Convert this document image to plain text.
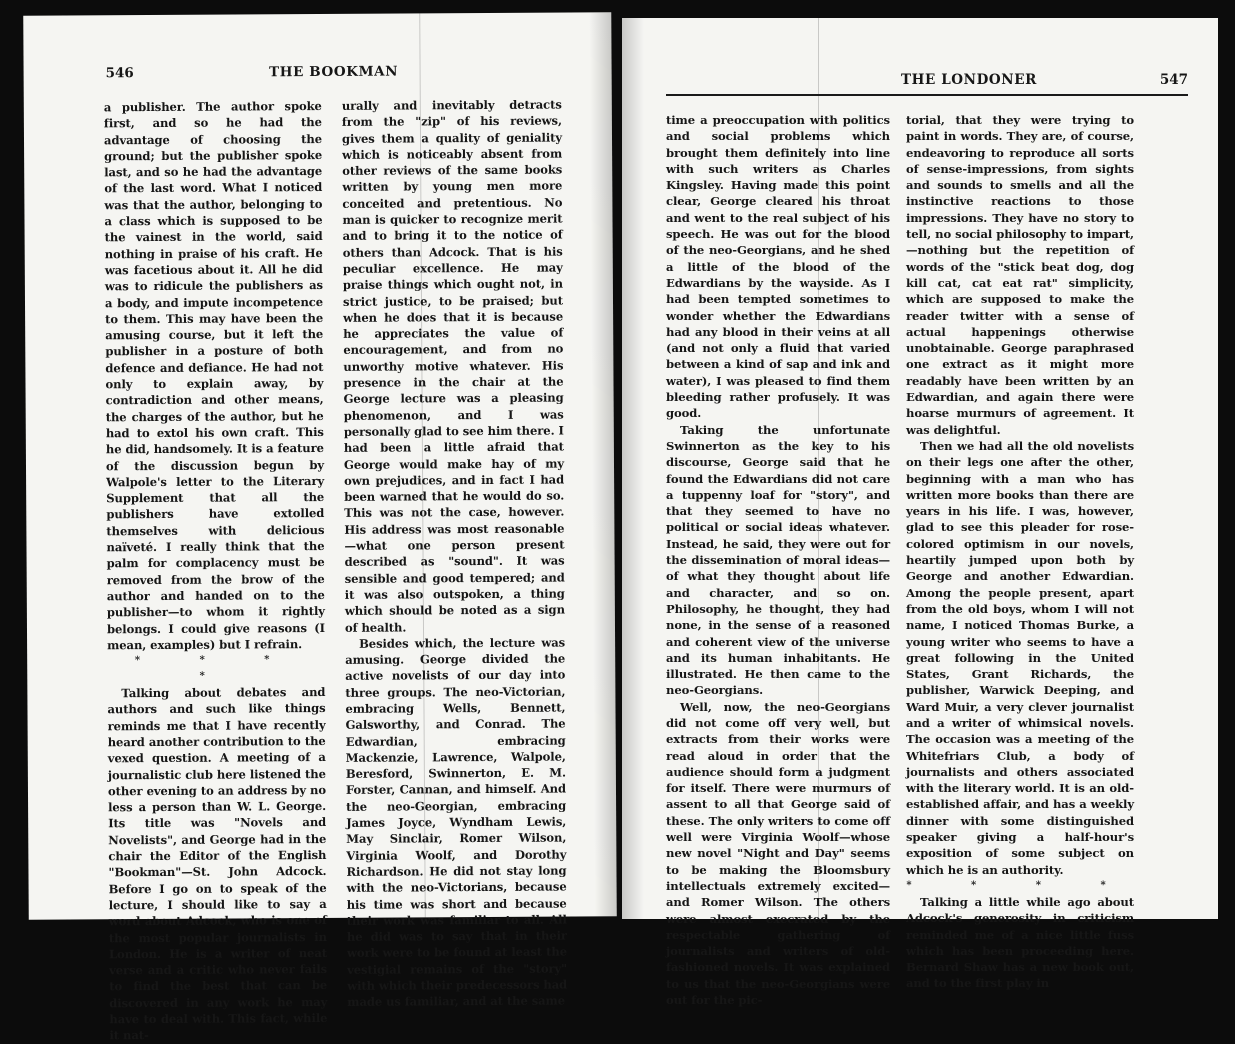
546	THE BOOKMAN

a publisher. The author spoke first, and so he had the advantage of choosing the ground; but the publisher spoke last, and so he had the advantage of the last word. What I noticed was that the author, belonging to a class which is supposed to be the vainest in the world, said nothing in praise of his craft. He was facetious about it. All he did was to ridicule the publishers as a body, and impute incompetence to them. This may have been the amusing course, but it left the publisher in a posture of both defence and defiance. He had not only to explain away, by contradiction and other means, the charges of the author, but he had to extol his own craft. This he did, handsomely. It is a feature of the discussion begun by Walpole's letter to the Literary Supplement that all the publishers have extolled themselves with delicious naïveté. I really think that the palm for complacency must be removed from the brow of the author and handed on to the publisher—to whom it rightly belongs. I could give reasons (I mean, examples) but I refrain.

* * * *

Talking about debates and authors and such like things reminds me that I have recently heard another contribution to the vexed question. A meeting of a journalistic club here listened the other evening to an address by no less a person than W. L. George. Its title was "Novels and Novelists", and George had in the chair the Editor of the English "Bookman"—St. John Adcock. Before I go on to speak of the lecture, I should like to say a word about Adcock, who is one of the most popular journalists in London. He is a writer of neat verse and a critic who never fails to find the best that can be discovered in any work he may have to deal with. This fact, while it nat-

urally and inevitably detracts from the "zip" of his reviews, gives them a quality of geniality which is noticeably absent from other reviews of the same books written by young men more conceited and pretentious. No man is quicker to recognize merit and to bring it to the notice of others than Adcock. That is his peculiar excellence. He may praise things which ought not, in strict justice, to be praised; but when he does that it is because he appreciates the value of encouragement, and from no unworthy motive whatever. His presence in the chair at the George lecture was a pleasing phenomenon, and I was personally glad to see him there. I had been a little afraid that George would make hay of my own prejudices, and in fact I had been warned that he would do so. This was not the case, however. His address was most reasonable—what one person present described as "sound". It was sensible and good tempered; and it was also outspoken, a thing which should be noted as a sign of health.

Besides which, the lecture was amusing. George divided the active novelists of our day into three groups. The neo-Victorian, embracing Wells, Bennett, Galsworthy, and Conrad. The Edwardian, embracing Mackenzie, Lawrence, Walpole, Beresford, Swinnerton, E. M. Forster, Cannan, and himself. And the neo-Georgian, embracing James Joyce, Wyndham Lewis, May Sinclair, Romer Wilson, Virginia Woolf, and Dorothy Richardson. He did not stay long with the neo-Victorians, because his time was short and because their work was familiar to all. All he did was to say that in their work were to be found at least the vestigial remains of the "story" with which their predecessors had made us familiar, and at the same

THE LONDONER	547

time a preoccupation with politics and social problems which brought them definitely into line with such writers as Charles Kingsley. Having made this point clear, George cleared his throat and went to the real subject of his speech. He was out for the blood of the neo-Georgians, and he shed a little of the blood of the Edwardians by the wayside. As I had been tempted sometimes to wonder whether the Edwardians had any blood in their veins at all (and not only a fluid that varied between a kind of sap and ink and water), I was pleased to find them bleeding rather profusely. It was good.

Taking the unfortunate Swinnerton as the key to his discourse, George said that he found the Edwardians did not care a tuppenny loaf for "story", and that they seemed to have no political or social ideas whatever. Instead, he said, they were out for the dissemination of moral ideas—of what they thought about life and character, and so on. Philosophy, he thought, they had none, in the sense of a reasoned and coherent view of the universe and its human inhabitants. He illustrated. He then came to the neo-Georgians.

Well, now, the neo-Georgians did not come off very well, but extracts from their works were read aloud in order that the audience should form a judgment for itself. There were murmurs of assent to all that George said of these. The only writers to come off well were Virginia Woolf—whose new novel "Night and Day" seems to be making the Bloomsbury intellectuals extremely excited—and Romer Wilson. The others were almost execrated by the respectable gathering of journalists and writers of old-fashioned novels. It was explained to us that the neo-Georgians were out for the pic-

torial, that they were trying to paint in words. They are, of course, endeavoring to reproduce all sorts of sense-impressions, from sights and sounds to smells and all the instinctive reactions to those impressions. They have no story to tell, no social philosophy to impart,—nothing but the repetition of words of the "stick beat dog, dog kill cat, cat eat rat" simplicity, which are supposed to make the reader twitter with a sense of actual happenings otherwise unobtainable. George paraphrased one extract as it might more readably have been written by an Edwardian, and again there were hoarse murmurs of agreement. It was delightful.

Then we had all the old novelists on their legs one after the other, beginning with a man who has written more books than there are years in his life. I was, however, glad to see this pleader for rose-colored optimism in our novels, heartily jumped upon both by George and another Edwardian. Among the people present, apart from the old boys, whom I will not name, I noticed Thomas Burke, a young writer who seems to have a great following in the United States, Grant Richards, the publisher, Warwick Deeping, and Ward Muir, a very clever journalist and a writer of whimsical novels. The occasion was a meeting of the Whitefriars Club, a body of journalists and others associated with the literary world. It is an old-established affair, and has a weekly dinner with some distinguished speaker giving a half-hour's exposition of some subject on which he is an authority.

* * * *

Talking a little while ago about Adcock's generosity in criticism reminded me of a nice little fuss which has been proceeding here. Bernard Shaw has a new book out, and to the first play in
